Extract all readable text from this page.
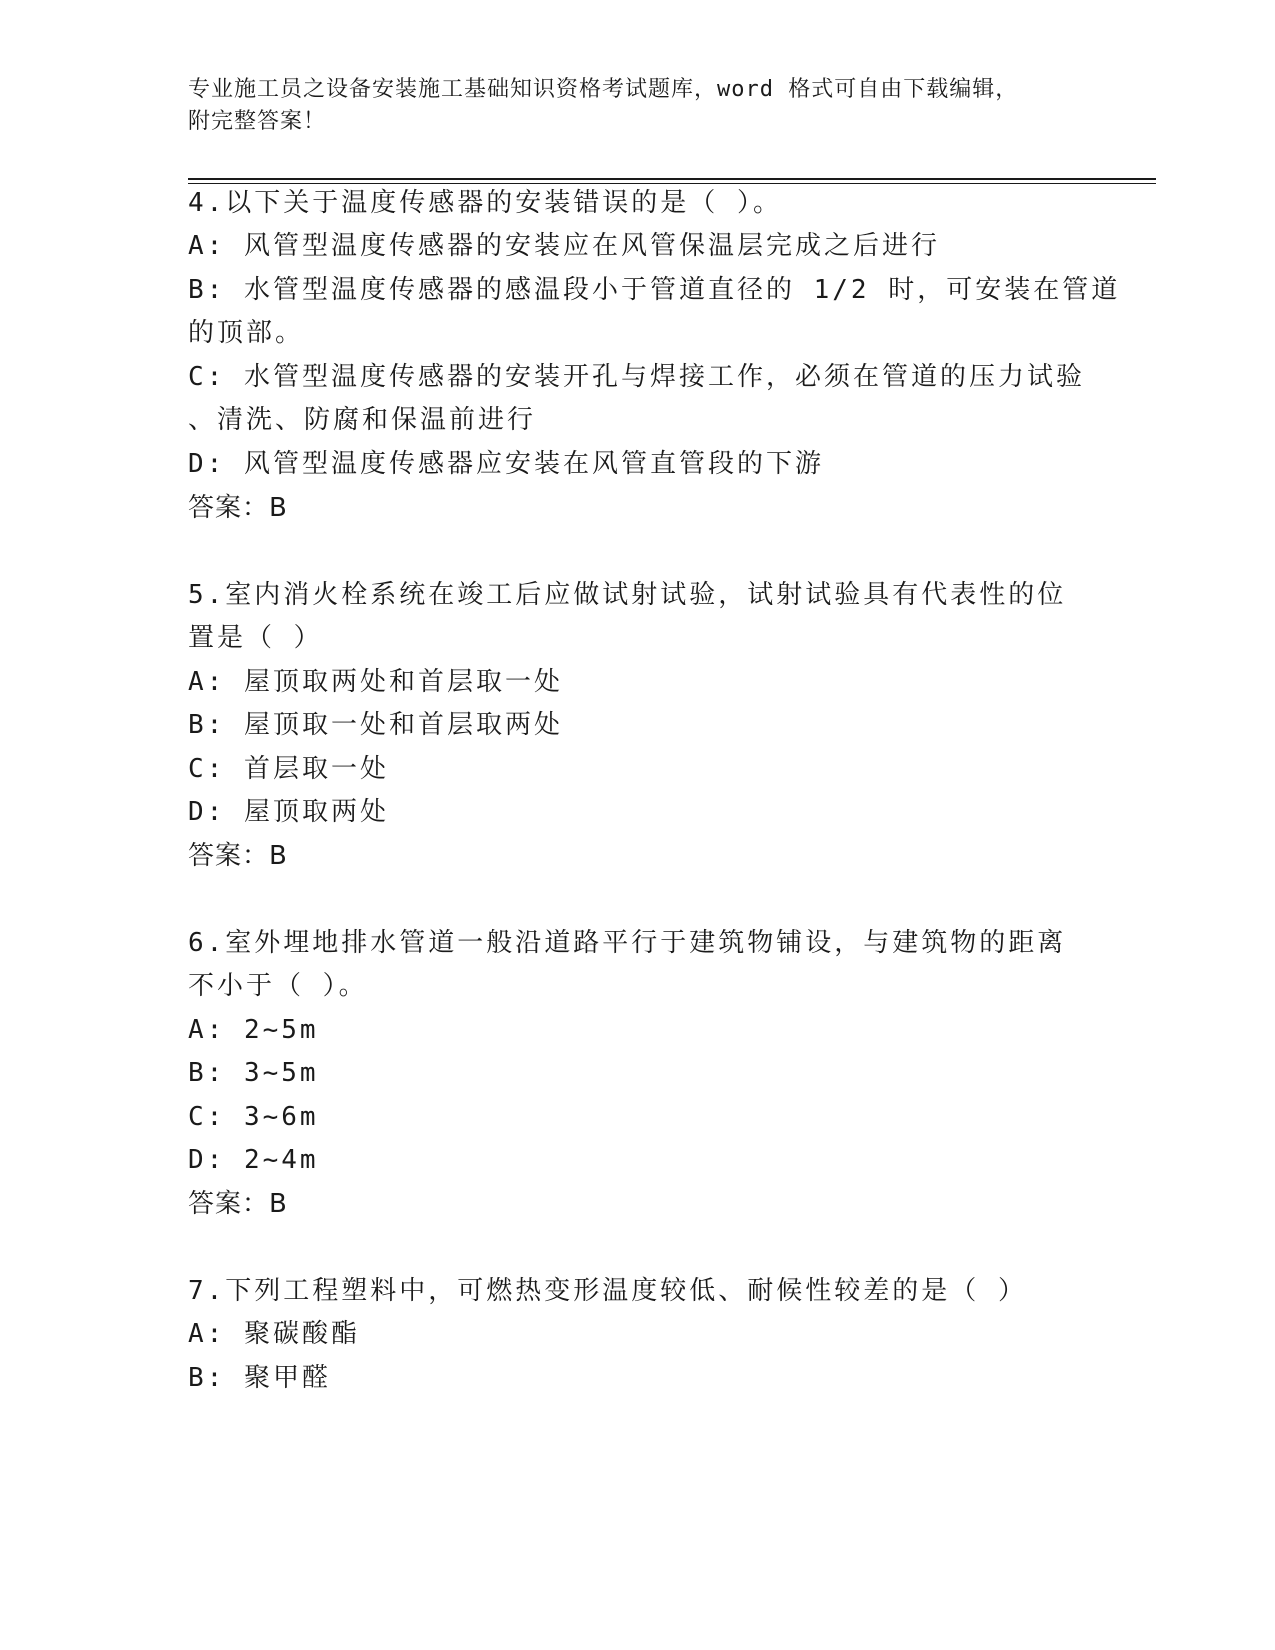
专业施工员之设备安装施工基础知识资格考试题库，word 格式可自由下载编辑，
附完整答案！
4.以下关于温度传感器的安装错误的是（ ）。
A: 风管型温度传感器的安装应在风管保温层完成之后进行
B: 水管型温度传感器的感温段小于管道直径的 1/2 时，可安装在管道
的顶部。
C: 水管型温度传感器的安装开孔与焊接工作，必须在管道的压力试验
、清洗、防腐和保温前进行
D: 风管型温度传感器应安装在风管直管段的下游
答案：B
5.室内消火栓系统在竣工后应做试射试验，试射试验具有代表性的位
置是（ ）
A: 屋顶取两处和首层取一处
B: 屋顶取一处和首层取两处
C: 首层取一处
D: 屋顶取两处
答案：B
6.室外埋地排水管道一般沿道路平行于建筑物铺设，与建筑物的距离
不小于（ ）。
A: 2~5m
B: 3~5m
C: 3~6m
D: 2~4m
答案：B
7.下列工程塑料中，可燃热变形温度较低、耐候性较差的是（ ）
A: 聚碳酸酯
B: 聚甲醛
